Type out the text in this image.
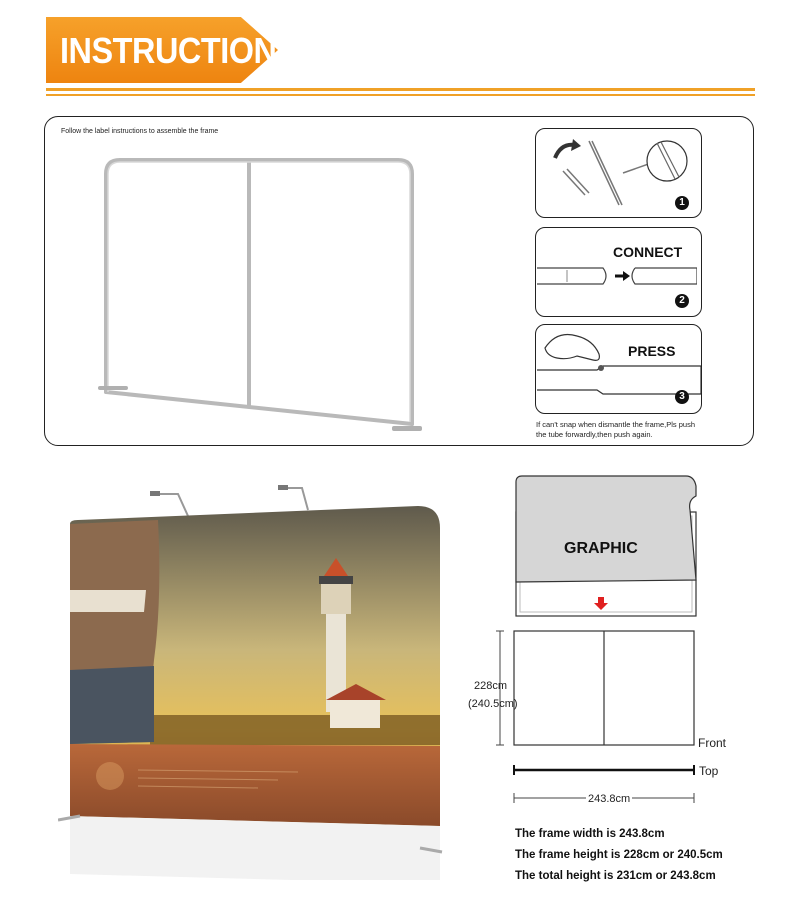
INSTRUCTION
Follow the label instructions to assemble the frame
1
CONNECT
2
PRESS
3
If can't snap when dismantle the frame,Pls push
the tube forwardly,then push again.
GRAPHIC
228cm
(240.5cm)
Front
Top
243.8cm
The frame width is 243.8cm
The frame height is 228cm or 240.5cm
The total height is 231cm or 243.8cm
